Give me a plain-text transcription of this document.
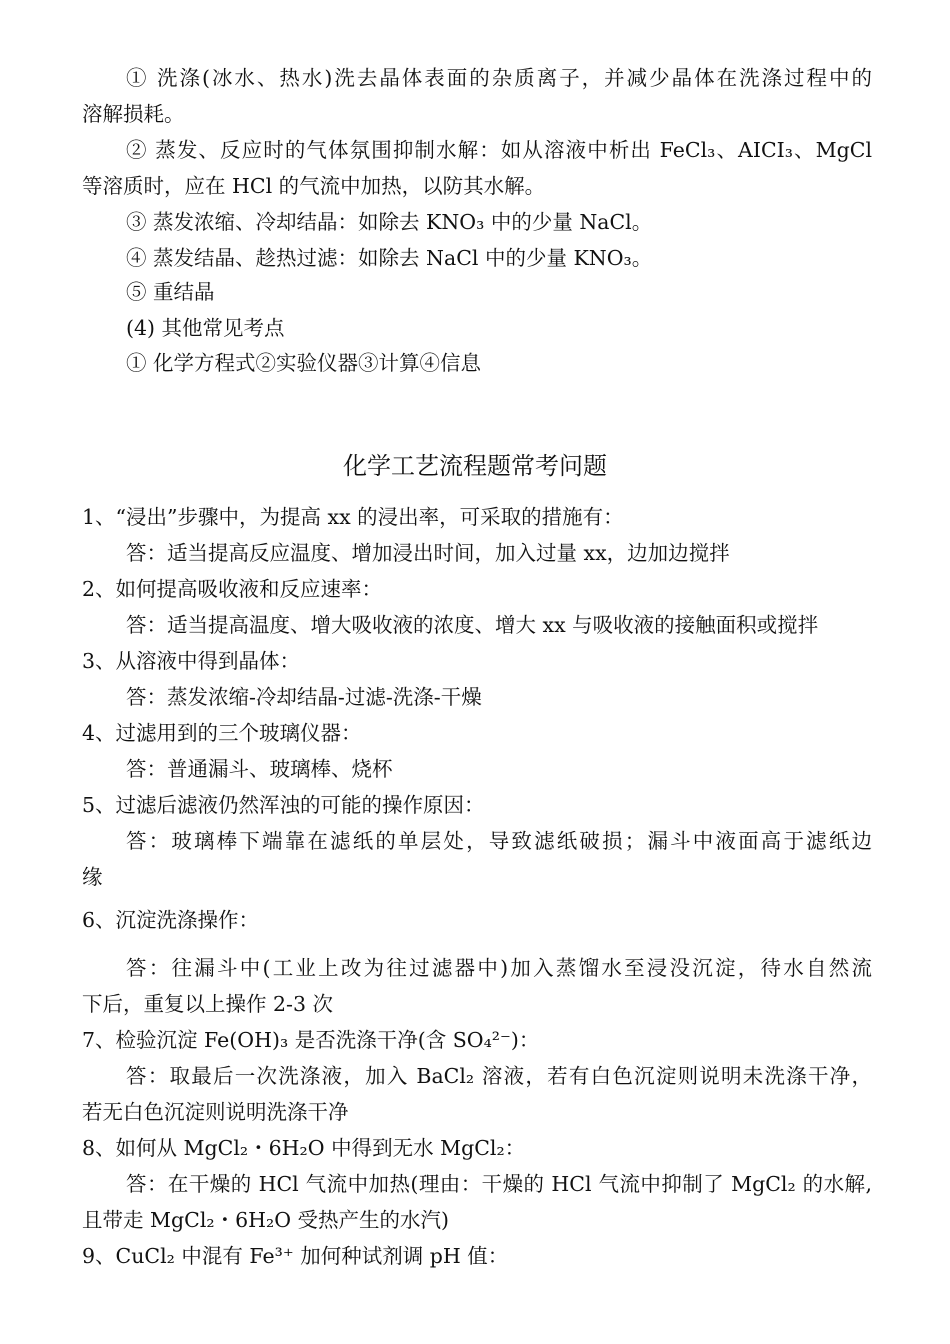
① 洗涤(冰水、热水)洗去晶体表面的杂质离子，并减少晶体在洗涤过程中的
溶解损耗。
② 蒸发、反应时的气体氛围抑制水解：如从溶液中析出 FeCl₃、AICI₃、MgCl
等溶质时，应在 HCl 的气流中加热，以防其水解。
③ 蒸发浓缩、冷却结晶：如除去 KNO₃ 中的少量 NaCl。
④ 蒸发结晶、趁热过滤：如除去 NaCl 中的少量 KNO₃。
⑤ 重结晶
(4) 其他常见考点
① 化学方程式②实验仪器③计算④信息
化学工艺流程题常考问题
1、“浸出”步骤中，为提高 xx 的浸出率，可采取的措施有：
答：适当提高反应温度、增加浸出时间，加入过量 xx，边加边搅拌
2、如何提高吸收液和反应速率：
答：适当提高温度、增大吸收液的浓度、增大 xx 与吸收液的接触面积或搅拌
3、从溶液中得到晶体：
答：蒸发浓缩-冷却结晶-过滤-洗涤-干燥
4、过滤用到的三个玻璃仪器：
答：普通漏斗、玻璃棒、烧杯
5、过滤后滤液仍然浑浊的可能的操作原因：
答：玻璃棒下端靠在滤纸的单层处，导致滤纸破损；漏斗中液面高于滤纸边
缘
6、沉淀洗涤操作：
答：往漏斗中(工业上改为往过滤器中)加入蒸馏水至浸没沉淀，待水自然流
下后，重复以上操作 2-3 次
7、检验沉淀 Fe(OH)₃ 是否洗涤干净(含 SO₄²⁻)：
答：取最后一次洗涤液，加入 BaCl₂ 溶液，若有白色沉淀则说明未洗涤干净，
若无白色沉淀则说明洗涤干净
8、如何从 MgCl₂・6H₂O 中得到无水 MgCl₂：
答：在干燥的 HCl 气流中加热(理由：干燥的 HCl 气流中抑制了 MgCl₂ 的水解,
且带走 MgCl₂・6H₂O 受热产生的水汽)
9、CuCl₂ 中混有 Fe³⁺ 加何种试剂调 pH 值：
